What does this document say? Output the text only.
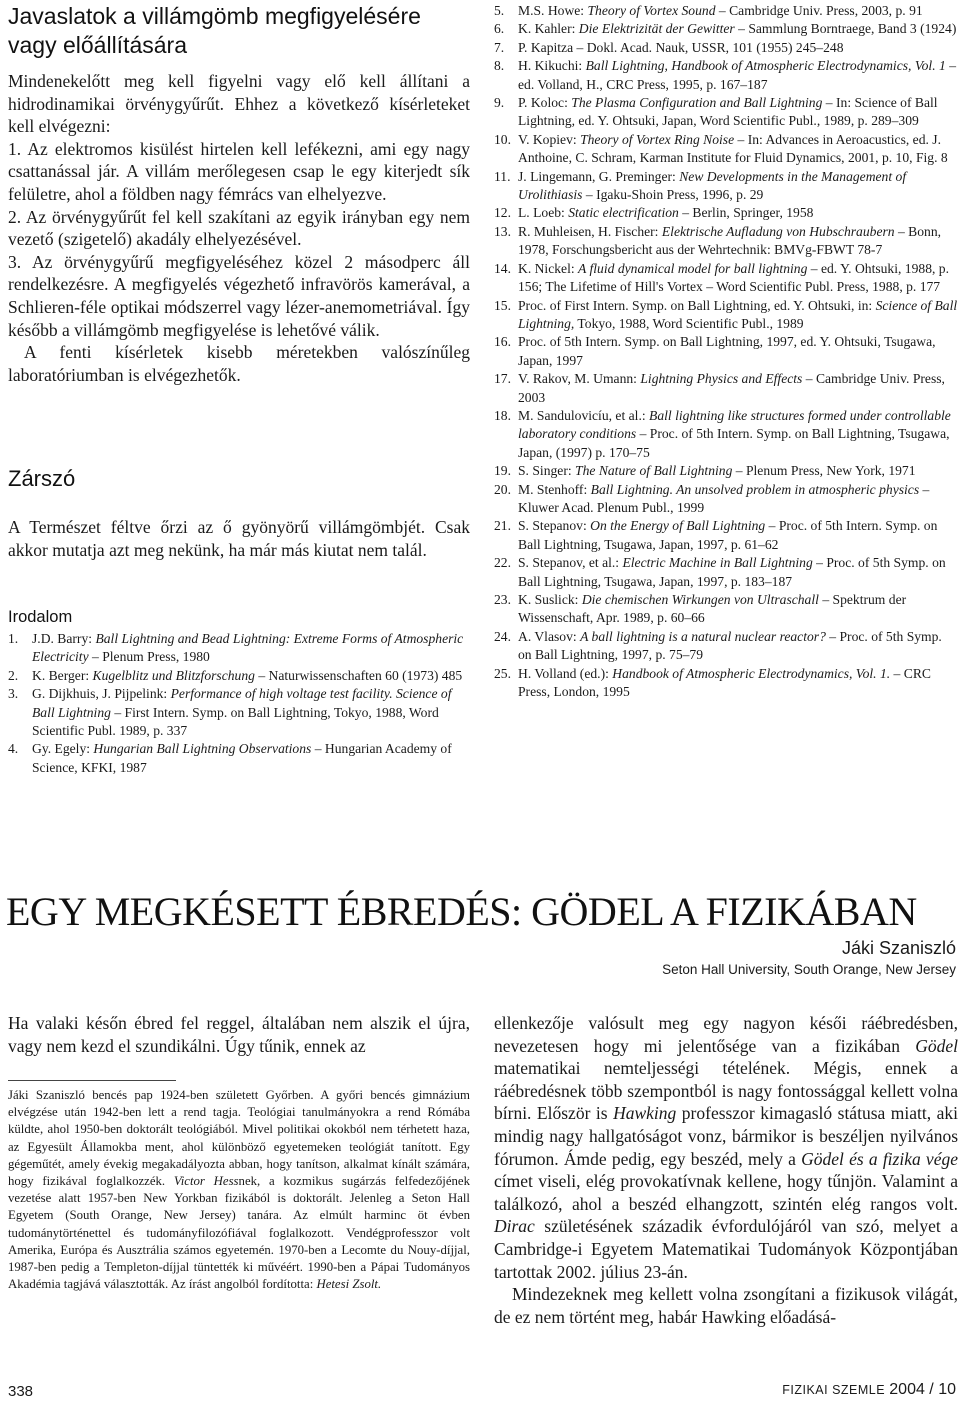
Javaslatok a villámgömb megfigyelésére vagy előállítására

Mindenekelőtt meg kell figyelni vagy elő kell állítani a hidrodinamikai örvénygyűrűt. Ehhez a következő kísérleteket kell elvégezni:

1. Az elektromos kisülést hirtelen kell lefékezni, ami egy nagy csattanással jár. A villám merőlegesen csap le egy kiterjedt sík felületre, ahol a földben nagy fémrács van elhelyezve.

2. Az örvénygyűrűt fel kell szakítani az egyik irányban egy nem vezető (szigetelő) akadály elhelyezésével.

3. Az örvénygyűrű megfigyeléséhez közel 2 másodperc áll rendelkezésre. A megfigyelés végezhető infravörös kamerával, a Schlieren-féle optikai módszerrel vagy lézer-anemometriával. Így később a villámgömb megfigyelése is lehetővé válik.

A fenti kísérletek kisebb méretekben valószínűleg laboratóriumban is elvégezhetők.

Zárszó
A Természet féltve őrzi az ő gyönyörű villámgömbjét. Csak akkor mutatja azt meg nekünk, ha már más kiutat nem talál.
Irodalom
1.	J.D. Barry: Ball Lightning and Bead Lightning: Extreme Forms of Atmospheric Electricity – Plenum Press, 1980
2.	K. Berger: Kugelblitz und Blitzforschung – Naturwissenschaften 60 (1973) 485
3.	G. Dijkhuis, J. Pijpelink: Performance of high voltage test facility. Science of Ball Lightning – First Intern. Symp. on Ball Lightning, Tokyo, 1988, Word Scientific Publ. 1989, p. 337
4.	Gy. Egely: Hungarian Ball Lightning Observations – Hungarian Academy of Science, KFKI, 1987
5.	M.S. Howe: Theory of Vortex Sound – Cambridge Univ. Press, 2003, p. 91
6.	K. Kahler: Die Elektrizität der Gewitter – Sammlung Borntraege, Band 3 (1924)
7.	P. Kapitza – Dokl. Acad. Nauk, USSR, 101 (1955) 245–248
8.	H. Kikuchi: Ball Lightning, Handbook of Atmospheric Electrodynamics, Vol. 1 – ed. Volland, H., CRC Press, 1995, p. 167–187
9.	P. Koloc: The Plasma Configuration and Ball Lightning – In: Science of Ball Lightning, ed. Y. Ohtsuki, Japan, Word Scientific Publ., 1989, p. 289–309
10. V. Kopiev: Theory of Vortex Ring Noise – In: Advances in Aeroacustics, ed. J. Anthoine, C. Schram, Karman Institute for Fluid Dynamics, 2001, p. 10, Fig. 8
11. J. Lingemann, G. Preminger: New Developments in the Management of Urolithiasis – Igaku-Shoin Press, 1996, p. 29
12. L. Loeb: Static electrification – Berlin, Springer, 1958
13. R. Muhleisen, H. Fischer: Elektrische Aufladung von Hubschraubern – Bonn, 1978, Forschungsbericht aus der Wehrtechnik: BMVg-FBWT 78-7
14. K. Nickel: A fluid dynamical model for ball lightning – ed. Y. Ohtsuki, 1988, p. 156; The Lifetime of Hill's Vortex – Word Scientific Publ. Press, 1988, p. 177
15. Proc. of First Intern. Symp. on Ball Lightning, ed. Y. Ohtsuki, in: Science of Ball Lightning, Tokyo, 1988, Word Scientific Publ., 1989
16. Proc. of 5th Intern. Symp. on Ball Lightning, 1997, ed. Y. Ohtsuki, Tsugawa, Japan, 1997
17. V. Rakov, M. Umann: Lightning Physics and Effects – Cambridge Univ. Press, 2003
18. M. Sandulovicíu, et al.: Ball lightning like structures formed under controllable laboratory conditions – Proc. of 5th Intern. Symp. on Ball Lightning, Tsugawa, Japan, (1997) p. 170–75
19. S. Singer: The Nature of Ball Lightning – Plenum Press, New York, 1971
20. M. Stenhoff: Ball Lightning. An unsolved problem in atmospheric physics – Kluwer Acad. Plenum Publ., 1999
21. S. Stepanov: On the Energy of Ball Lightning – Proc. of 5th Intern. Symp. on Ball Lightning, Tsugawa, Japan, 1997, p. 61–62
22. S. Stepanov, et al.: Electric Machine in Ball Lightning – Proc. of 5th Symp. on Ball Lightning, Tsugawa, Japan, 1997, p. 183–187
23. K. Suslick: Die chemischen Wirkungen von Ultraschall – Spektrum der Wissenschaft, Apr. 1989, p. 60–66
24. A. Vlasov: A ball lightning is a natural nuclear reactor? – Proc. of 5th Symp. on Ball Lightning, 1997, p. 75–79
25. H. Volland (ed.): Handbook of Atmospheric Electrodynamics, Vol. 1. – CRC Press, London, 1995
EGY MEGKÉSETT ÉBREDÉS: GÖDEL A FIZIKÁBAN
Jáki Szaniszló
Seton Hall University, South Orange, New Jersey
Ha valaki későn ébred fel reggel, általában nem alszik el újra, vagy nem kezd el szundikálni. Úgy tűnik, ennek az
Jáki Szaniszló bencés pap 1924-ben született Győrben. A győri bencés gimnázium elvégzése után 1942-ben lett a rend tagja. Teológiai tanulmányokra a rend Rómába küldte, ahol 1950-ben doktorált teológiából. Mivel politikai okokból nem térhetett haza, az Egyesült Államokba ment, ahol különböző egyetemeken teológiát tanított. Egy gégeműtét, amely évekig megakadályozta abban, hogy tanítson, alkalmat kínált számára, hogy fizikával foglalkozzék. Victor Hessnek, a kozmikus sugárzás felfedezőjének vezetése alatt 1957-ben New Yorkban fizikából is doktorált. Jelenleg a Seton Hall Egyetem (South Orange, New Jersey) tanára. Az elmúlt harminc öt évben tudománytörténettel és tudományfilozófiával foglalkozott. Vendégprofesszor volt Amerika, Európa és Ausztrália számos egyetemén. 1970-ben a Lecomte du Nouy-díjjal, 1987-ben pedig a Templeton-díjjal tüntették ki művéért. 1990-ben a Pápai Tudományos Akadémia tagjává választották. Az írást angolból fordította: Hetesi Zsolt.

ellenkezője valósult meg egy nagyon késői ráébredésben, nevezetesen hogy mi jelentősége van a fizikában Gödel matematikai nemteljességi tételének. Mégis, ennek a ráébredésnek több szempontból is nagy fontossággal kellett volna bírni. Először is Hawking professzor kimagasló státusa miatt, aki mindig nagy hallgatóságot vonz, bármikor is beszéljen nyilvános fórumon. Ámde pedig, egy beszéd, mely a Gödel és a fizika vége címet viseli, elég provokatívnak kellene, hogy tűnjön. Valamint a találkozó, ahol a beszéd elhangzott, szintén elég rangos volt. Dirac születésének századik évfordulójáról van szó, melyet a Cambridge-i Egyetem Matematikai Tudományok Központjában tartottak 2002. július 23-án.

Mindezeknek meg kellett volna zsongítani a fizikusok világát, de ez nem történt meg, habár Hawking előadásá-

338	FIZIKAI SZEMLE 2004 / 10
